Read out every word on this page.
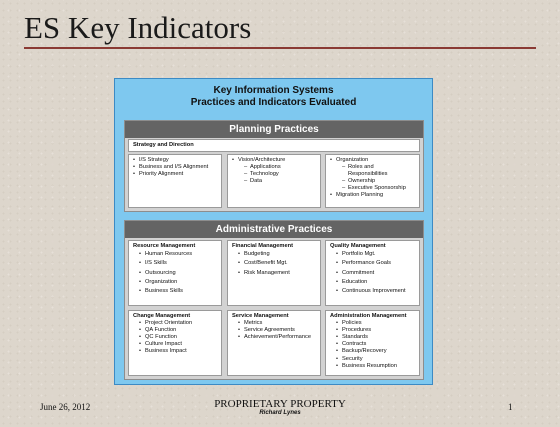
ES Key Indicators
Key Information Systems
Practices and Indicators Evaluated
Planning Practices
Strategy and Direction
• I/S Strategy
• Business and I/S Alignment
• Priority Alignment
• Vision/Architecture
– Applications
– Technology
– Data
• Organization
– Roles and
Responsibilities
– Ownership
– Executive Sponsorship
• Migration Planning
Administrative Practices
Resource Management
• Human Resources
• I/S Skills
• Outsourcing
• Organization
• Business Skills
Financial Management
• Budgeting
• Cost/Benefit Mgt.
• Risk Management
Quality Management
• Portfolio Mgt.
• Performance Goals
• Commitment
• Education
• Continuous Improvement
Change Management
• Project Orientation
• QA Function
• QC Function
• Culture Impact
• Business Impact
Service Management
• Metrics
• Service Agreements
• Achievement/Performance
Administration Management
• Policies
• Procedures
• Standards
• Contracts
• Backup/Recovery
• Security
• Business Resumption
June 26, 2012	PROPRIETARY PROPERTY
Richard Lynes
1
